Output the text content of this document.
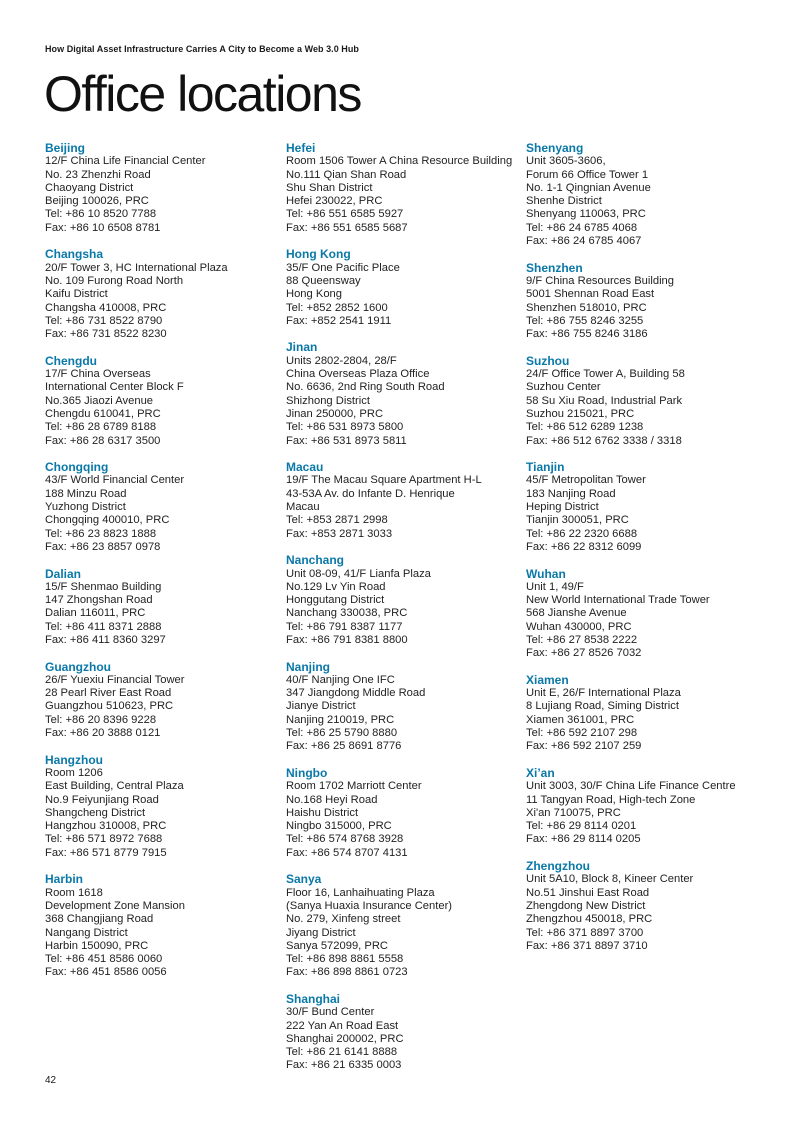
How Digital Asset Infrastructure Carries A City to Become a Web 3.0 Hub
Office locations
Beijing
12/F China Life Financial Center
No. 23 Zhenzhi Road
Chaoyang District
Beijing 100026, PRC
Tel: +86 10 8520 7788
Fax: +86 10 6508 8781
Changsha
20/F Tower 3, HC International Plaza
No. 109 Furong Road North
Kaifu District
Changsha 410008, PRC
Tel: +86 731 8522 8790
Fax: +86 731 8522 8230
Chengdu
17/F China Overseas
International Center Block F
No.365 Jiaozi Avenue
Chengdu 610041, PRC
Tel: +86 28 6789 8188
Fax: +86 28 6317 3500
Chongqing
43/F World Financial Center
188 Minzu Road
Yuzhong District
Chongqing 400010, PRC
Tel: +86 23 8823 1888
Fax: +86 23 8857 0978
Dalian
15/F Shenmao Building
147 Zhongshan Road
Dalian 116011, PRC
Tel: +86 411 8371 2888
Fax: +86 411 8360 3297
Guangzhou
26/F Yuexiu Financial Tower
28 Pearl River East Road
Guangzhou 510623, PRC
Tel: +86 20 8396 9228
Fax: +86 20 3888 0121
Hangzhou
Room 1206
East Building, Central Plaza
No.9 Feiyunjiang Road
Shangcheng District
Hangzhou 310008, PRC
Tel: +86 571 8972 7688
Fax: +86 571 8779 7915
Harbin
Room 1618
Development Zone Mansion
368 Changjiang Road
Nangang District
Harbin 150090, PRC
Tel: +86 451 8586 0060
Fax: +86 451 8586 0056
Hefei
Room 1506 Tower A China Resource Building
No.111 Qian Shan Road
Shu Shan District
Hefei 230022, PRC
Tel: +86 551 6585 5927
Fax: +86 551 6585 5687
Hong Kong
35/F One Pacific Place
88 Queensway
Hong Kong
Tel: +852 2852 1600
Fax: +852 2541 1911
Jinan
Units 2802-2804, 28/F
China Overseas Plaza Office
No. 6636, 2nd Ring South Road
Shizhong District
Jinan 250000, PRC
Tel: +86 531 8973 5800
Fax: +86 531 8973 5811
Macau
19/F The Macau Square Apartment H-L
43-53A Av. do Infante D. Henrique
Macau
Tel: +853 2871 2998
Fax: +853 2871 3033
Nanchang
Unit 08-09, 41/F Lianfa Plaza
No.129 Lv Yin Road
Honggutang District
Nanchang 330038, PRC
Tel: +86 791 8387 1177
Fax: +86 791 8381 8800
Nanjing
40/F Nanjing One IFC
347 Jiangdong Middle Road
Jianye District
Nanjing 210019, PRC
Tel: +86 25 5790 8880
Fax: +86 25 8691 8776
Ningbo
Room 1702 Marriott Center
No.168 Heyi Road
Haishu District
Ningbo 315000, PRC
Tel: +86 574 8768 3928
Fax: +86 574 8707 4131
Sanya
Floor 16, Lanhaihuating Plaza
(Sanya Huaxia Insurance Center)
No. 279, Xinfeng street
Jiyang District
Sanya 572099, PRC
Tel: +86 898 8861 5558
Fax: +86 898 8861 0723
Shanghai
30/F Bund Center
222 Yan An Road East
Shanghai 200002, PRC
Tel: +86 21 6141 8888
Fax: +86 21 6335 0003
Shenyang
Unit 3605-3606,
Forum 66 Office Tower 1
No. 1-1 Qingnian Avenue
Shenhe District
Shenyang 110063, PRC
Tel: +86 24 6785 4068
Fax: +86 24 6785 4067
Shenzhen
9/F China Resources Building
5001 Shennan Road East
Shenzhen 518010, PRC
Tel: +86 755 8246 3255
Fax: +86 755 8246 3186
Suzhou
24/F Office Tower A, Building 58
Suzhou Center
58 Su Xiu Road, Industrial Park
Suzhou 215021, PRC
Tel: +86 512 6289 1238
Fax: +86 512 6762 3338 / 3318
Tianjin
45/F Metropolitan Tower
183 Nanjing Road
Heping District
Tianjin 300051, PRC
Tel: +86 22 2320 6688
Fax: +86 22 8312 6099
Wuhan
Unit 1, 49/F
New World International Trade Tower
568 Jianshe Avenue
Wuhan 430000, PRC
Tel: +86 27 8538 2222
Fax: +86 27 8526 7032
Xiamen
Unit E, 26/F International Plaza
8 Lujiang Road, Siming District
Xiamen 361001, PRC
Tel: +86 592 2107 298
Fax: +86 592 2107 259
Xi’an
Unit 3003, 30/F China Life Finance Centre
11 Tangyan Road, High-tech Zone
Xi'an 710075, PRC
Tel: +86 29 8114 0201
Fax: +86 29 8114 0205
Zhengzhou
Unit 5A10, Block 8, Kineer Center
No.51 Jinshui East Road
Zhengdong New District
Zhengzhou 450018, PRC
Tel: +86 371 8897 3700
Fax: +86 371 8897 3710
42
